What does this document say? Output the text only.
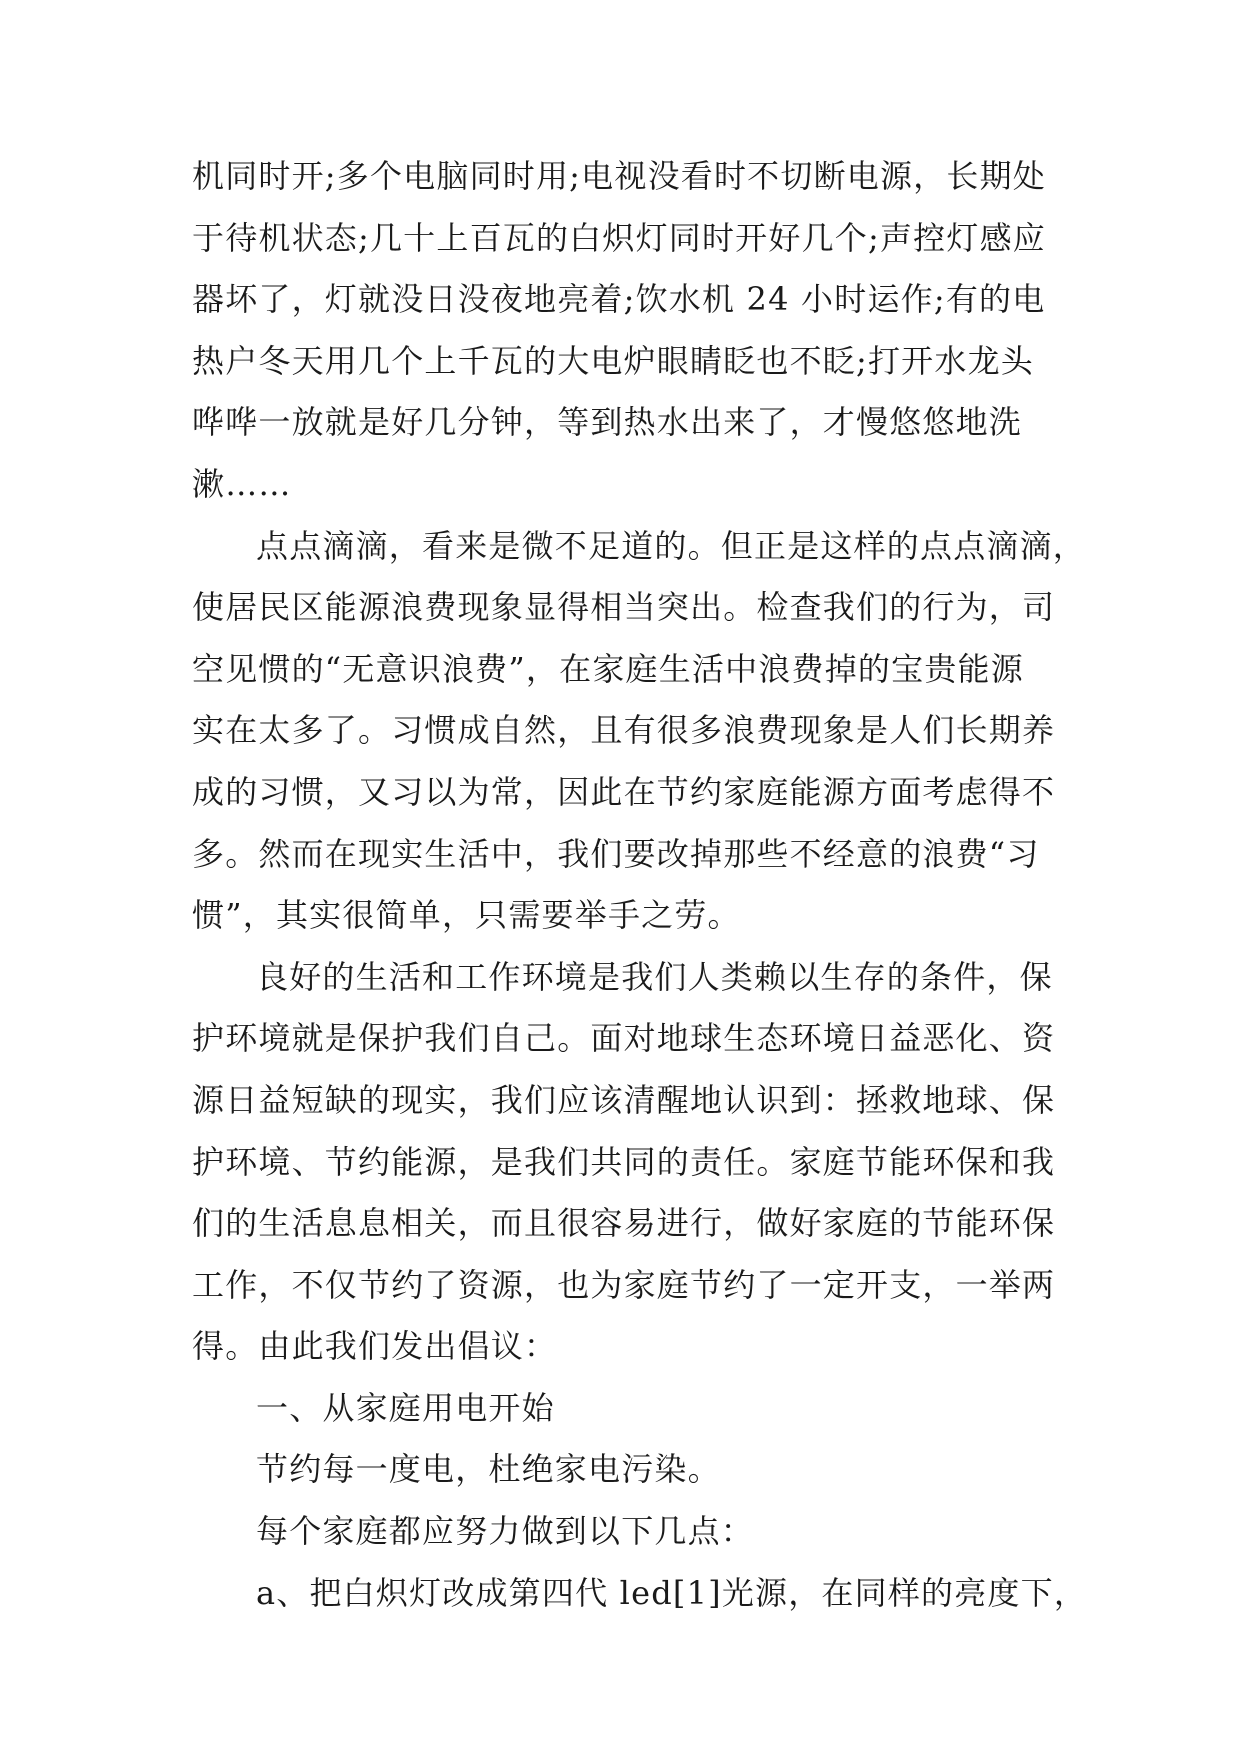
机同时开;多个电脑同时用;电视没看时不切断电源，长期处
于待机状态;几十上百瓦的白炽灯同时开好几个;声控灯感应
器坏了，灯就没日没夜地亮着;饮水机 24 小时运作;有的电
热户冬天用几个上千瓦的大电炉眼睛眨也不眨;打开水龙头
哗哗一放就是好几分钟，等到热水出来了，才慢悠悠地洗
漱……
点点滴滴，看来是微不足道的。但正是这样的点点滴滴，
使居民区能源浪费现象显得相当突出。检查我们的行为，司
空见惯的“无意识浪费”，在家庭生活中浪费掉的宝贵能源
实在太多了。习惯成自然，且有很多浪费现象是人们长期养
成的习惯，又习以为常，因此在节约家庭能源方面考虑得不
多。然而在现实生活中，我们要改掉那些不经意的浪费“习
惯”，其实很简单，只需要举手之劳。
良好的生活和工作环境是我们人类赖以生存的条件，保
护环境就是保护我们自己。面对地球生态环境日益恶化、资
源日益短缺的现实，我们应该清醒地认识到：拯救地球、保
护环境、节约能源，是我们共同的责任。家庭节能环保和我
们的生活息息相关，而且很容易进行，做好家庭的节能环保
工作，不仅节约了资源，也为家庭节约了一定开支，一举两
得。由此我们发出倡议：
一、从家庭用电开始
节约每一度电，杜绝家电污染。
每个家庭都应努力做到以下几点：
a、把白炽灯改成第四代 led[1]光源，在同样的亮度下，
